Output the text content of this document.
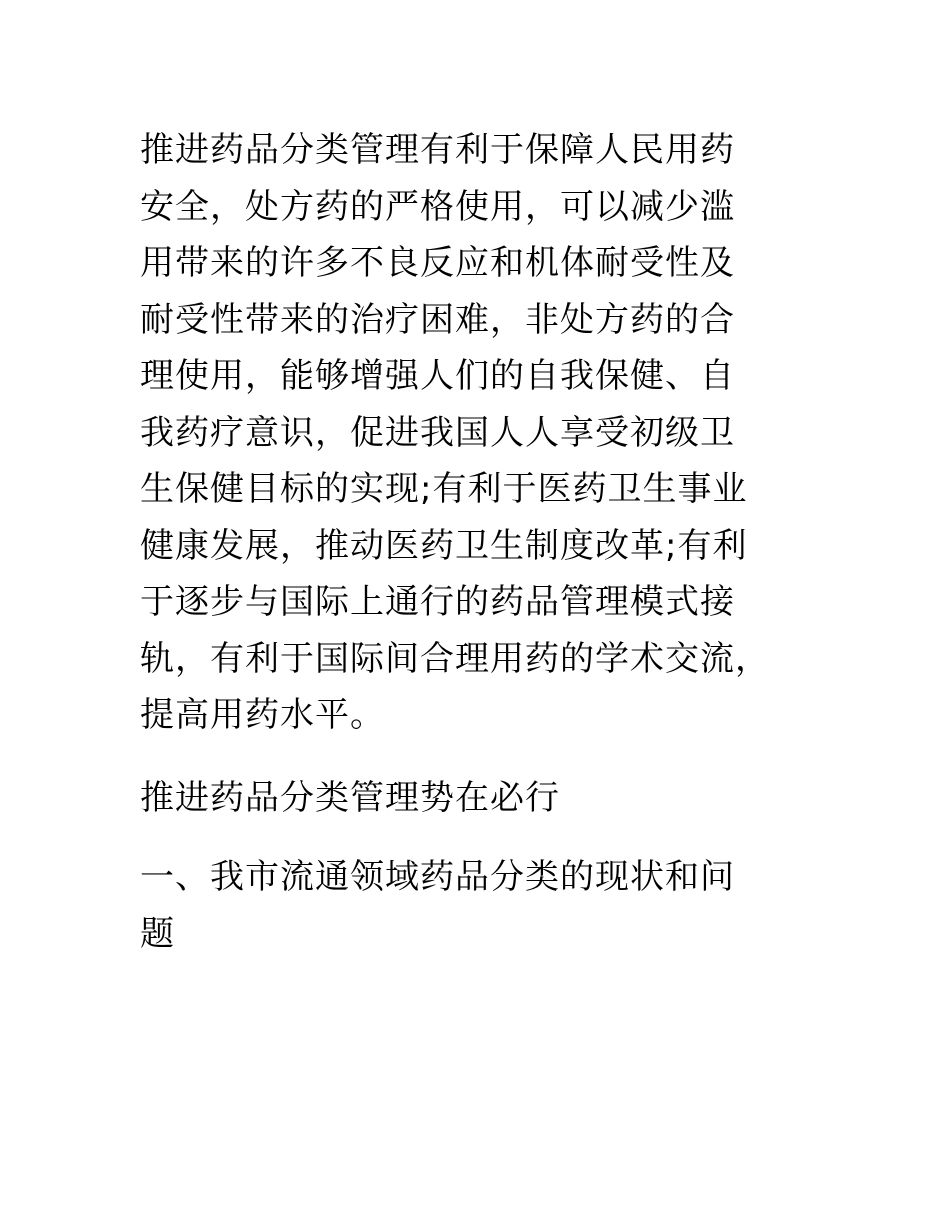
推进药品分类管理有利于保障人民用药
安全，处方药的严格使用，可以减少滥
用带来的许多不良反应和机体耐受性及
耐受性带来的治疗困难，非处方药的合
理使用，能够增强人们的自我保健、自
我药疗意识，促进我国人人享受初级卫
生保健目标的实现;有利于医药卫生事业
健康发展，推动医药卫生制度改革;有利
于逐步与国际上通行的药品管理模式接
轨，有利于国际间合理用药的学术交流，
提高用药水平。

推进药品分类管理势在必行

一、我市流通领域药品分类的现状和问
题
